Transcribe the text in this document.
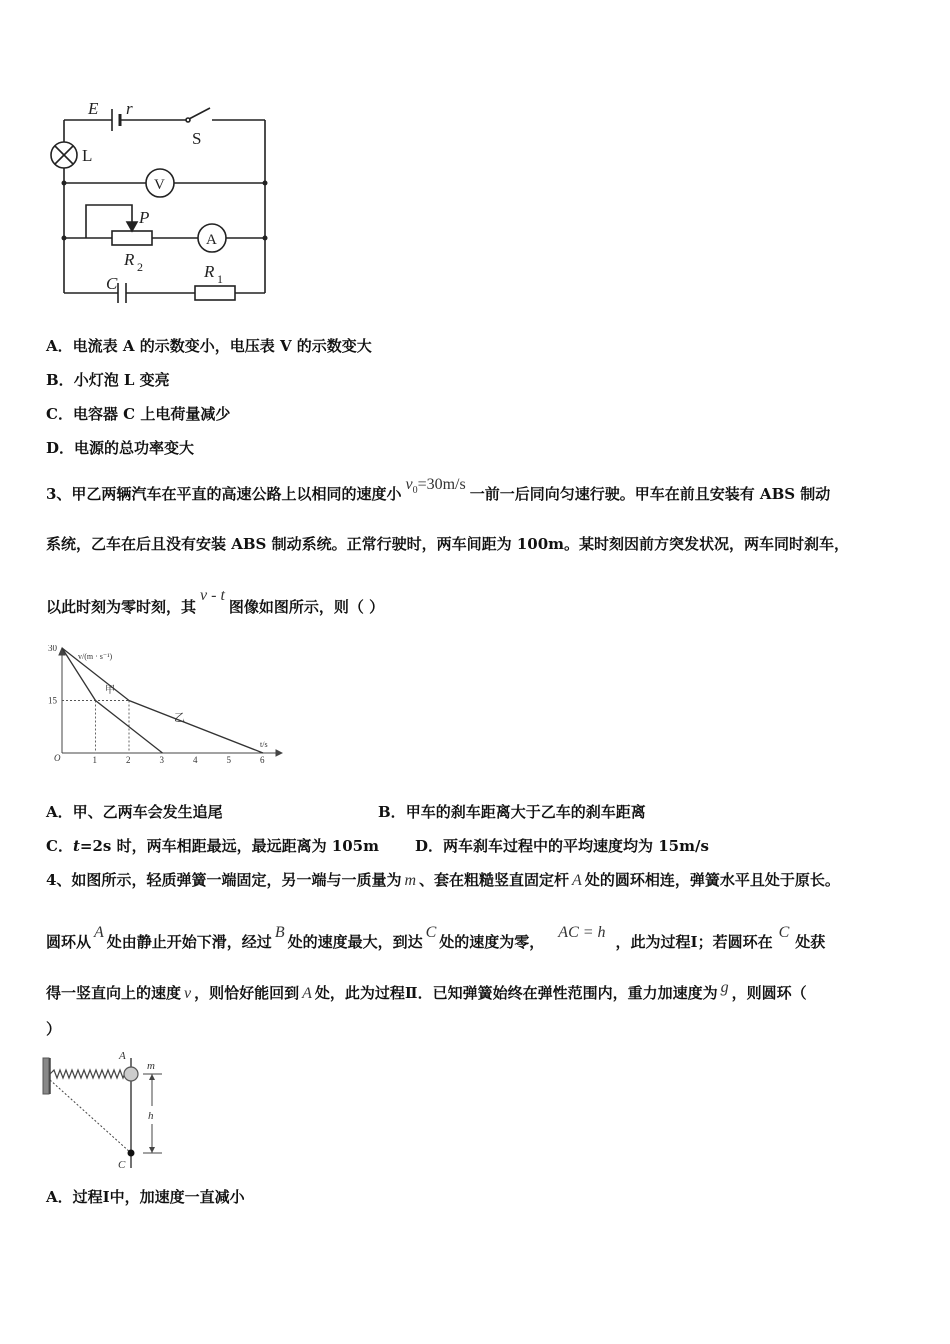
E r
S
L
V
A
P
R 2	R 1
C
A．电流表 A 的示数变小，电压表 V 的示数变大
B．小灯泡 L 变亮
C．电容器 C 上电荷量减少
D．电源的总功率变大
3、甲乙两辆汽车在平直的高速公路上以相同的速度小$v^0=30m/s$一前一后同向匀速行驶。甲车在前且安装有 ABS 制动
系统，乙车在后且没有安装 ABS 制动系统。正常行驶时，两车间距为 100m。某时刻因前方突发状况，两车同时刹车，
以此时刻为零时刻，其v - t图像如图所示，则（ ）
1	2	3	4	5	6
15
30
v/(m · s⁻¹)
t/s
O
甲
乙
A．甲、乙两车会发生追尾	B．甲车的刹车距离大于乙车的刹车距离
C．t=2s 时，两车相距最远，最远距离为 105m D．两车刹车过程中的平均速度均为 15m/s
4、如图所示，轻质弹簧一端固定，另一端与一质量为 m 、套在粗糙竖直固定杆 A 处的圆环相连，弹簧水平且处于原长。
圆环从A处由静止开始下滑，经过B处的速度最大，到达C处的速度为零，AC = h，此为过程Ⅰ；若圆环在C处获
得一竖直向上的速度 v ，则恰好能回到 A 处，此为过程Ⅱ．已知弹簧始终在弹性范围内，重力加速度为 g ，则圆环（
）
A
m
h
C
A．过程Ⅰ中，加速度一直减小
